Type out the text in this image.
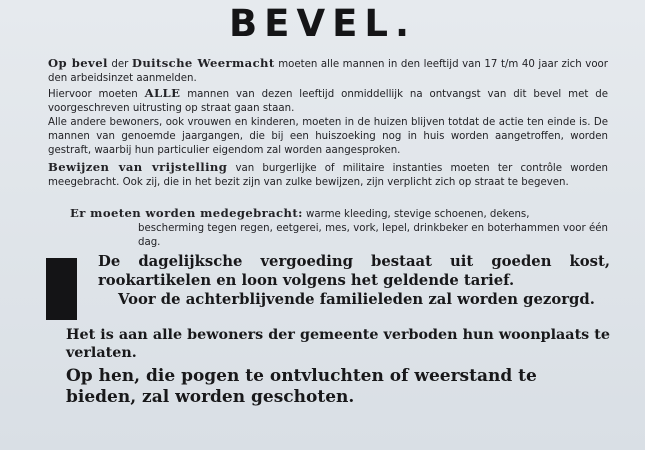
BEVEL.
Op bevel der Duitsche Weermacht moeten alle mannen in den leeftijd van 17 t/m 40 jaar zich voor den arbeidsinzet aanmelden.
Hiervoor moeten ALLE mannen van dezen leeftijd onmiddellijk na ontvangst van dit bevel met de voorgeschreven uitrusting op straat gaan staan.
Alle andere bewoners, ook vrouwen en kinderen, moeten in de huizen blijven totdat de actie ten einde is. De mannen van genoemde jaargangen, die bij een huiszoeking nog in huis worden aangetroffen, worden gestraft, waarbij hun particulier eigendom zal worden aangesproken.
Bewijzen van vrijstelling van burgerlijke of militaire instanties moeten ter contrôle worden meegebracht. Ook zij, die in het bezit zijn van zulke bewijzen, zijn verplicht zich op straat te begeven.
Er moeten worden medegebracht: warme kleeding, stevige schoenen, dekens,
bescherming tegen regen, eetgerei, mes, vork, lepel, drinkbeker en boterhammen voor één dag.
De dagelijksche vergoeding bestaat uit goeden kost, rookartikelen en loon volgens het geldende tarief.
Voor de achterblijvende familieleden zal worden gezorgd.
Het is aan alle bewoners der gemeente verboden hun woonplaats te verlaten.
Op hen, die pogen te ontvluchten of weerstand te bieden, zal worden geschoten.
